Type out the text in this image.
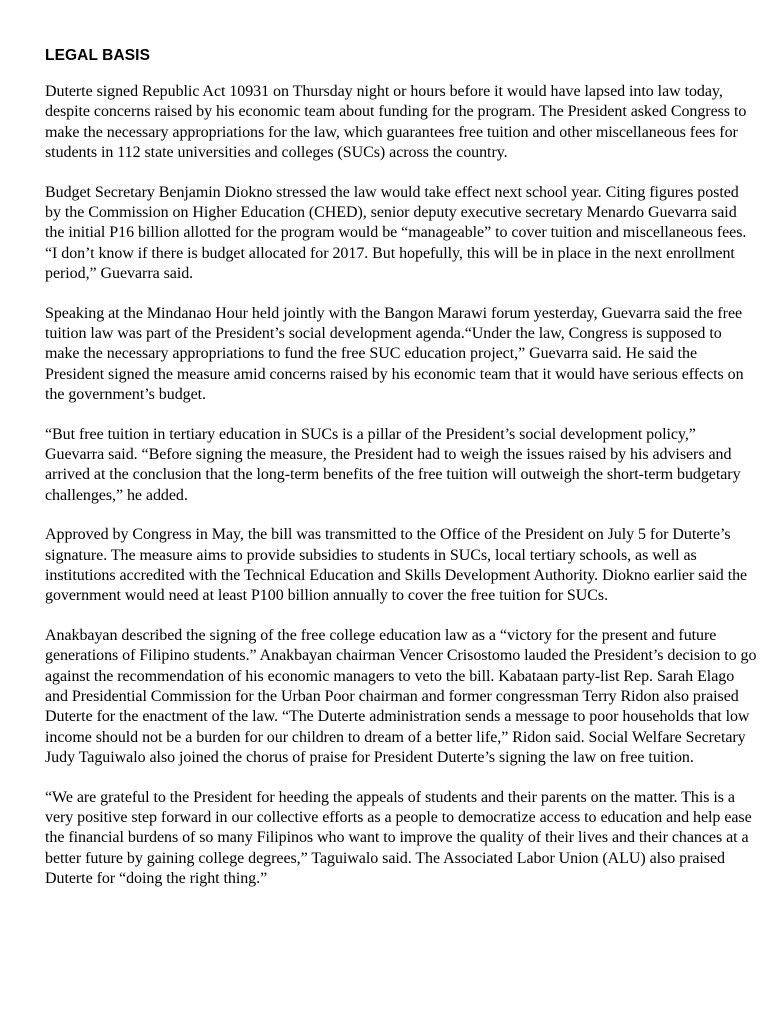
LEGAL BASIS

Duterte signed Republic Act 10931 on Thursday night or hours before it would have lapsed into law today, despite concerns raised by his economic team about funding for the program. The President asked Congress to make the necessary appropriations for the law, which guarantees free tuition and other miscellaneous fees for students in 112 state universities and colleges (SUCs) across the country.

Budget Secretary Benjamin Diokno stressed the law would take effect next school year. Citing figures posted by the Commission on Higher Education (CHED), senior deputy executive secretary Menardo Guevarra said the initial P16 billion allotted for the program would be “manageable” to cover tuition and miscellaneous fees. “I don’t know if there is budget allocated for 2017. But hopefully, this will be in place in the next enrollment period,” Guevarra said.

Speaking at the Mindanao Hour held jointly with the Bangon Marawi forum yesterday, Guevarra said the free tuition law was part of the President’s social development agenda.“Under the law, Congress is supposed to make the necessary appropriations to fund the free SUC education project,” Guevarra said. He said the President signed the measure amid concerns raised by his economic team that it would have serious effects on the government’s budget.

“But free tuition in tertiary education in SUCs is a pillar of the President’s social development policy,” Guevarra said. “Before signing the measure, the President had to weigh the issues raised by his advisers and arrived at the conclusion that the long-term benefits of the free tuition will outweigh the short-term budgetary challenges,” he added.

Approved by Congress in May, the bill was transmitted to the Office of the President on July 5 for Duterte’s signature. The measure aims to provide subsidies to students in SUCs, local tertiary schools, as well as institutions accredited with the Technical Education and Skills Development Authority. Diokno earlier said the government would need at least P100 billion annually to cover the free tuition for SUCs.

Anakbayan described the signing of the free college education law as a “victory for the present and future generations of Filipino students.” Anakbayan chairman Vencer Crisostomo lauded the President’s decision to go against the recommendation of his economic managers to veto the bill. Kabataan party-list Rep. Sarah Elago and Presidential Commission for the Urban Poor chairman and former congressman Terry Ridon also praised Duterte for the enactment of the law. “The Duterte administration sends a message to poor households that low income should not be a burden for our children to dream of a better life,” Ridon said. Social Welfare Secretary Judy Taguiwalo also joined the chorus of praise for President Duterte’s signing the law on free tuition.

“We are grateful to the President for heeding the appeals of students and their parents on the matter. This is a very positive step forward in our collective efforts as a people to democratize access to education and help ease the financial burdens of so many Filipinos who want to improve the quality of their lives and their chances at a better future by gaining college degrees,” Taguiwalo said. The Associated Labor Union (ALU) also praised Duterte for “doing the right thing.”
